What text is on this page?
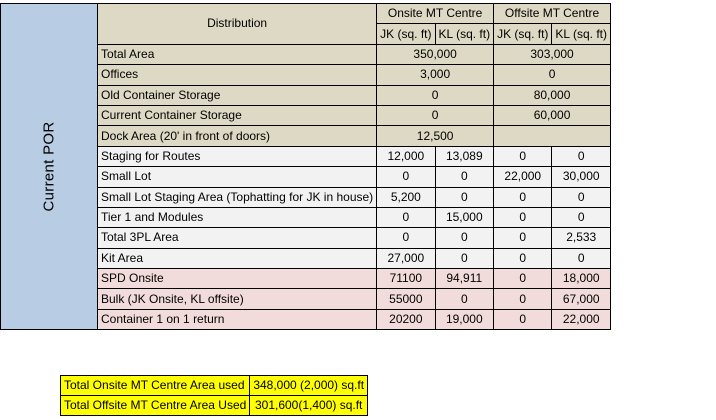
Current POR	Distribution	Onsite MT Centre		Offsite MT Centre	
		JK (sq. ft)	KL (sq. ft)	JK (sq. ft)	KL (sq. ft)
	Total Area	350,000		303,000	
	Offices	3,000		0	
	Old Container Storage	0		80,000	
	Current Container Storage	0		60,000	
	Dock Area (20' in front of doors)	12,500			
	Staging for Routes	12,000	13,089	0	0
	Small Lot	0	0	22,000	30,000
	Small Lot Staging Area (Tophatting for JK in house)	5,200	0	0	0
	Tier 1 and Modules	0	15,000	0	0
	Total 3PL Area	0	0	0	2,533
	Kit Area	27,000	0	0	0
	SPD Onsite	71100	94,911	0	18,000
	Bulk (JK Onsite, KL offsite)	55000	0	0	67,000
	Container 1 on 1 return	20200	19,000	0	22,000
Total Onsite MT Centre Area used	348,000 (2,000) sq.ft
Total Offsite MT Centre Area Used	301,600(1,400) sq.ft
